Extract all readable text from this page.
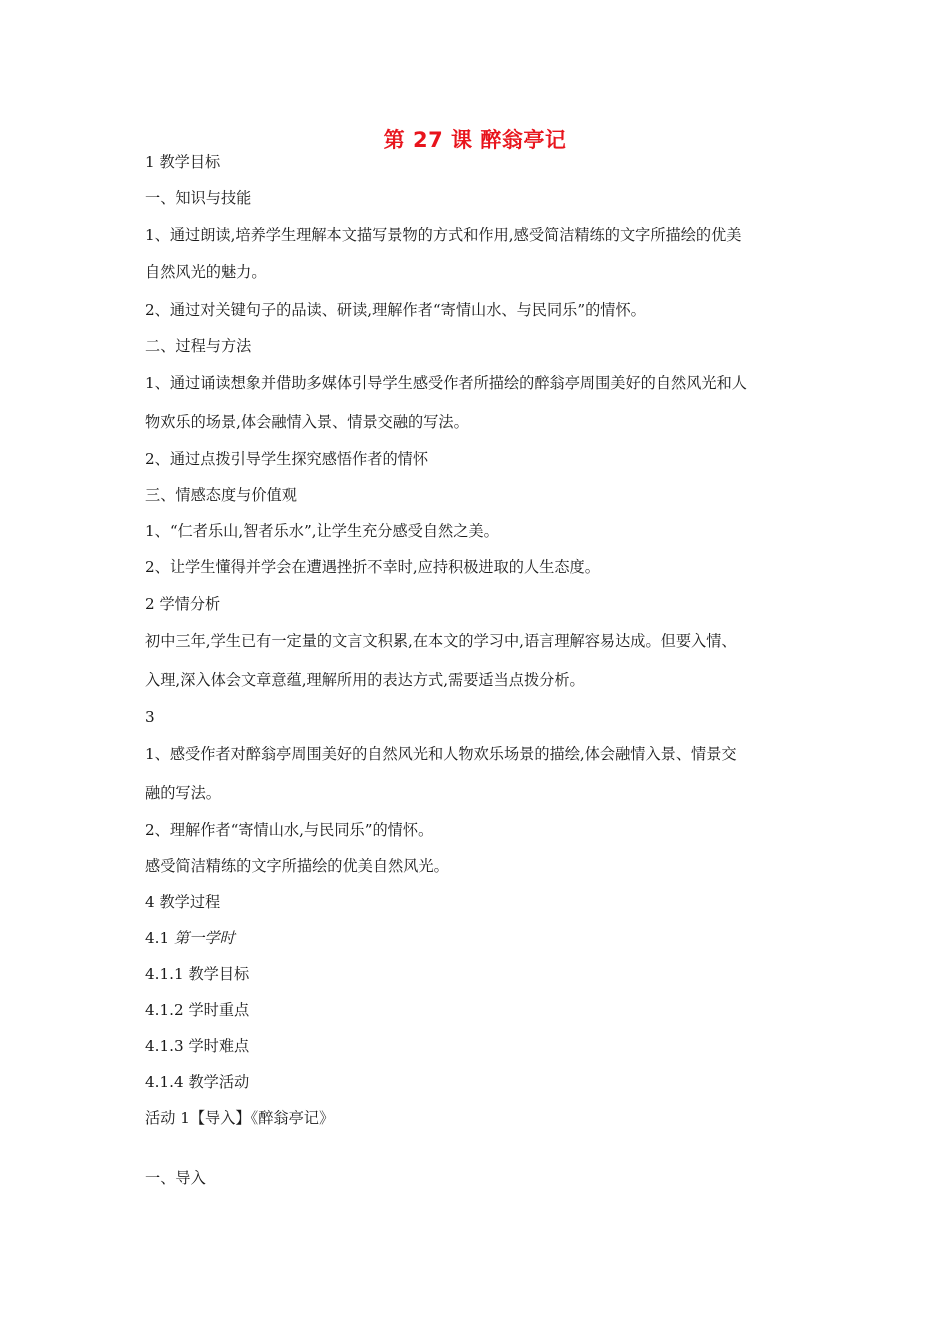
第 27 课 醉翁亭记
1 教学目标
一、知识与技能
1、通过朗读,培养学生理解本文描写景物的方式和作用,感受简洁精练的文字所描绘的优美
自然风光的魅力。
2、通过对关键句子的品读、研读,理解作者“寄情山水、与民同乐”的情怀。
二、过程与方法
1、通过诵读想象并借助多媒体引导学生感受作者所描绘的醉翁亭周围美好的自然风光和人
物欢乐的场景,体会融情入景、情景交融的写法。
2、通过点拨引导学生探究感悟作者的情怀
三、情感态度与价值观
1、“仁者乐山,智者乐水”,让学生充分感受自然之美。
2、让学生懂得并学会在遭遇挫折不幸时,应持积极进取的人生态度。
2 学情分析
初中三年,学生已有一定量的文言文积累,在本文的学习中,语言理解容易达成。但要入情、
入理,深入体会文章意蕴,理解所用的表达方式,需要适当点拨分析。
3
1、感受作者对醉翁亭周围美好的自然风光和人物欢乐场景的描绘,体会融情入景、情景交
融的写法。
2、理解作者“寄情山水,与民同乐”的情怀。
感受简洁精练的文字所描绘的优美自然风光。
4 教学过程
4.1 第一学时
4.1.1 教学目标
4.1.2 学时重点
4.1.3 学时难点
4.1.4 教学活动
活动 1【导入】《醉翁亭记》
一、导入
